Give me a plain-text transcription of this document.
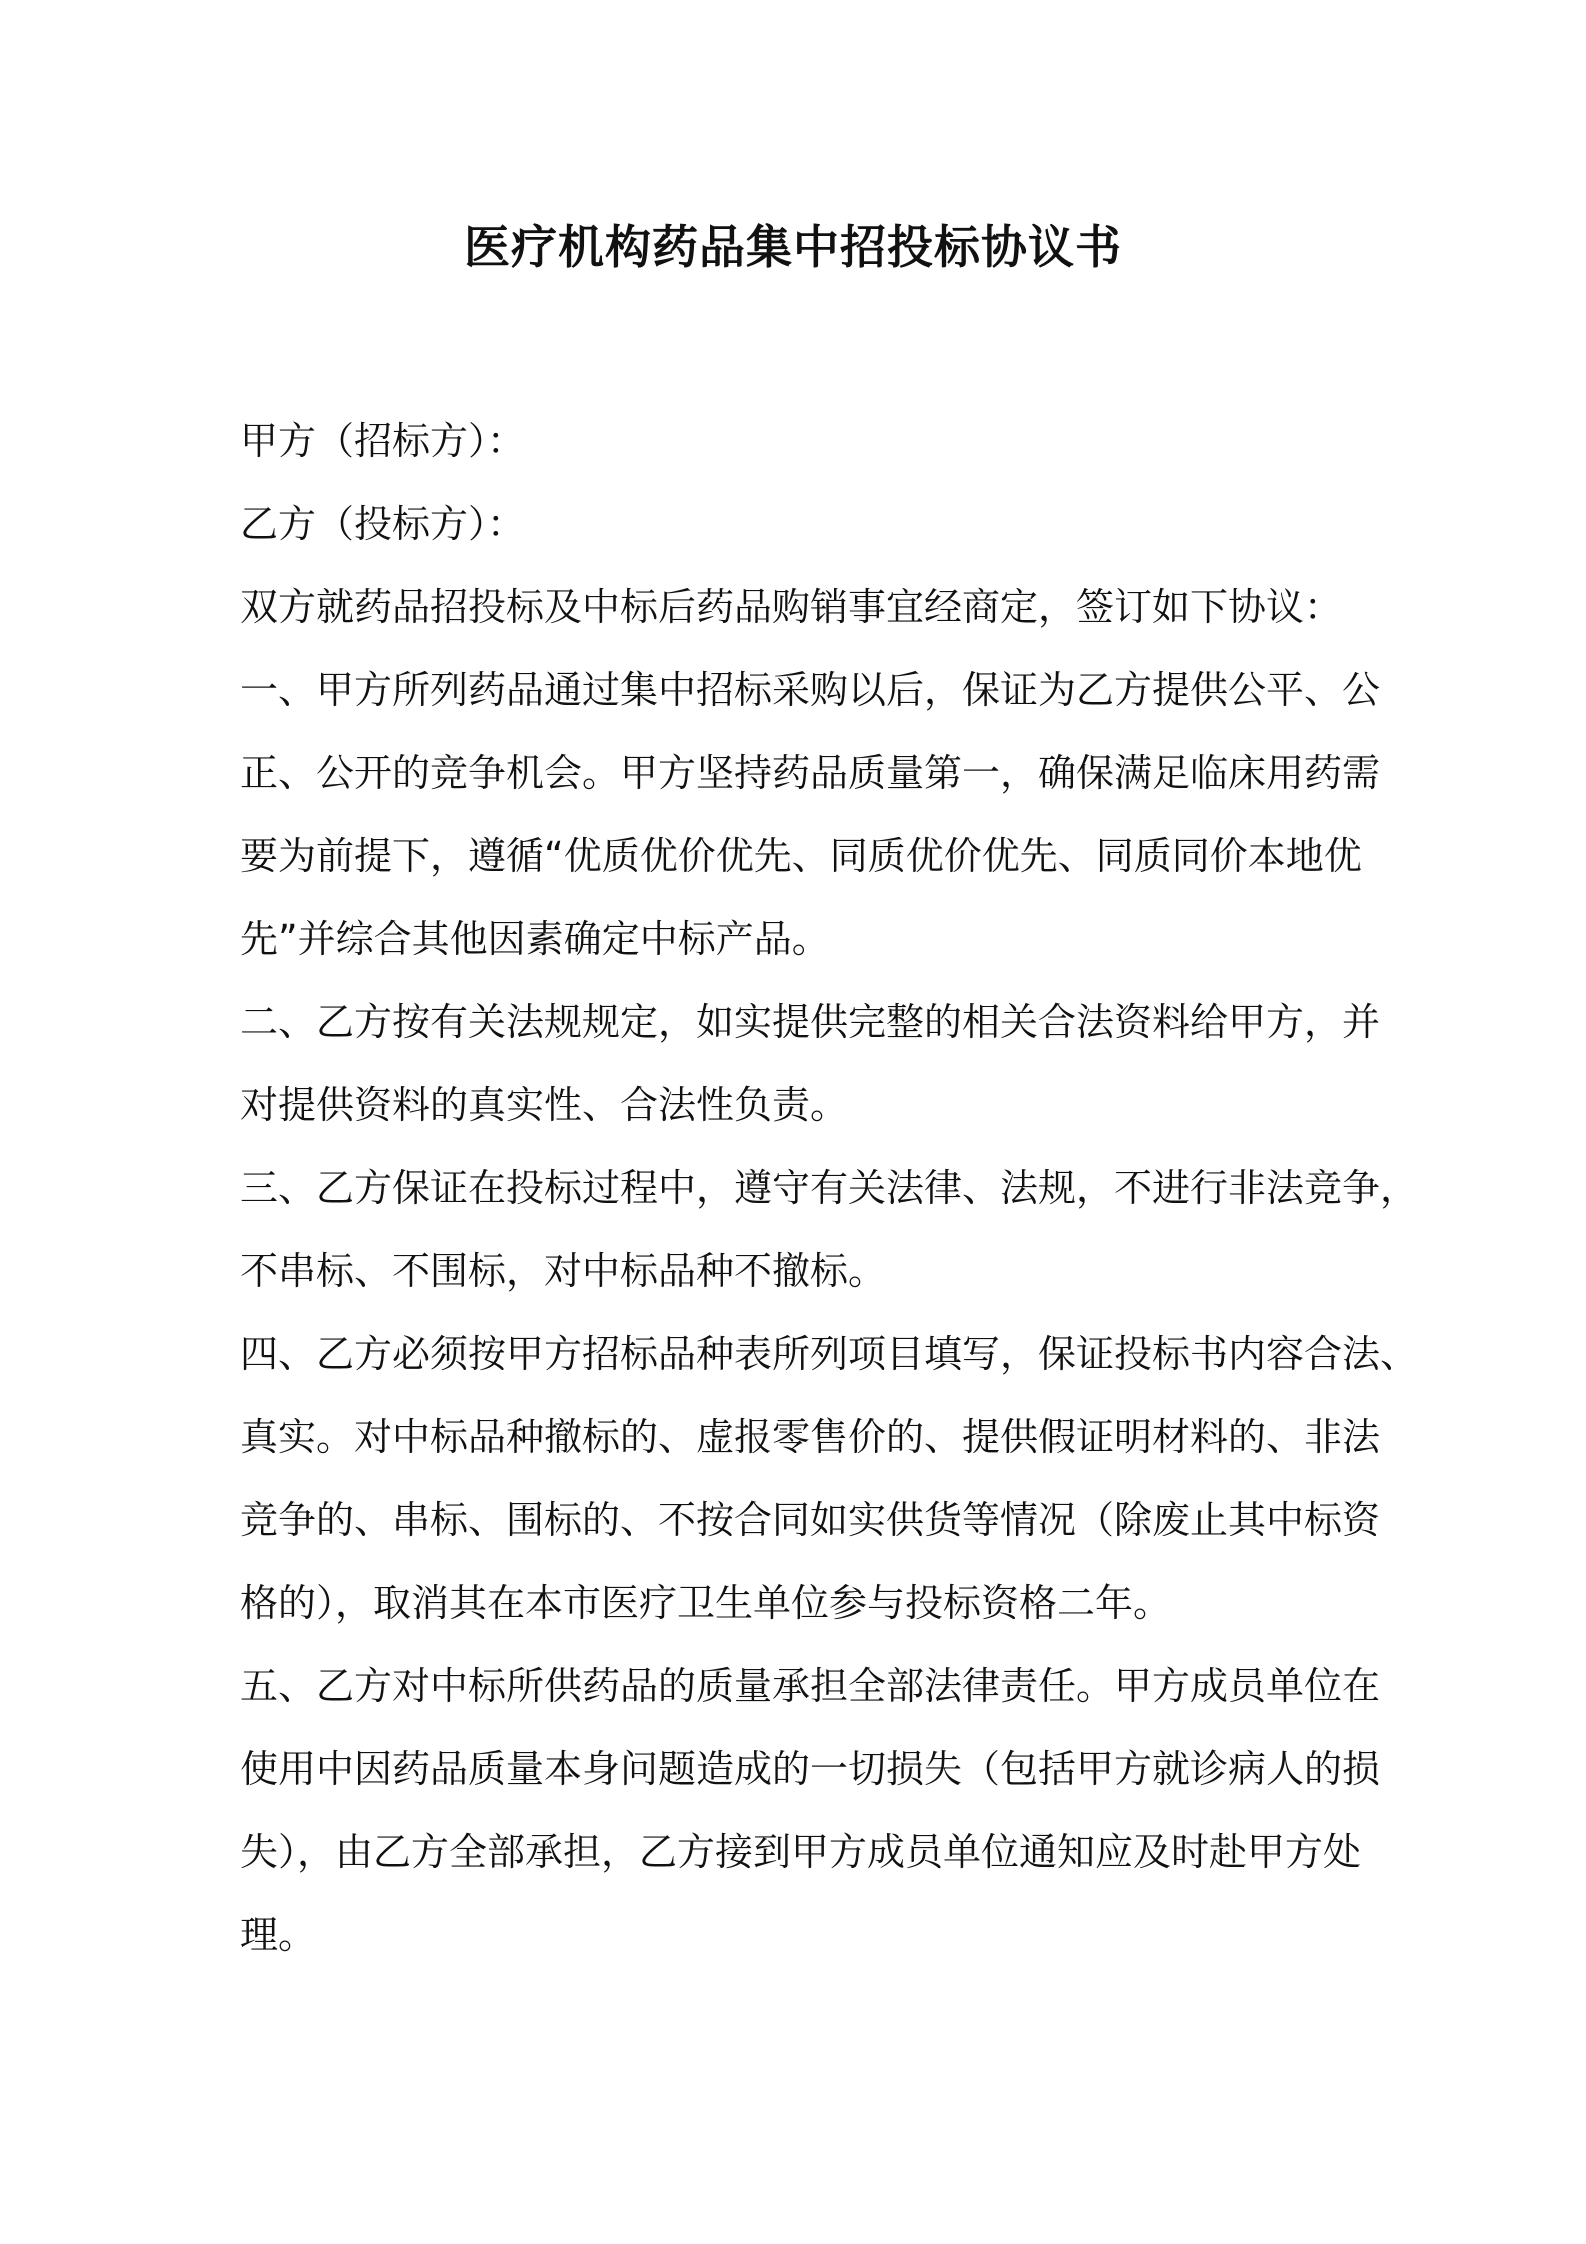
医疗机构药品集中招投标协议书
甲方（招标方）：
乙方（投标方）：
双方就药品招投标及中标后药品购销事宜经商定，签订如下协议：
一、甲方所列药品通过集中招标采购以后，保证为乙方提供公平、公
正、公开的竞争机会。甲方坚持药品质量第一，确保满足临床用药需
要为前提下，遵循“优质优价优先、同质优价优先、同质同价本地优
先”并综合其他因素确定中标产品。
二、乙方按有关法规规定，如实提供完整的相关合法资料给甲方，并
对提供资料的真实性、合法性负责。
三、乙方保证在投标过程中，遵守有关法律、法规，不进行非法竞争，
不串标、不围标，对中标品种不撤标。
四、乙方必须按甲方招标品种表所列项目填写，保证投标书内容合法、
真实。对中标品种撤标的、虚报零售价的、提供假证明材料的、非法
竞争的、串标、围标的、不按合同如实供货等情况（除废止其中标资
格的），取消其在本市医疗卫生单位参与投标资格二年。
五、乙方对中标所供药品的质量承担全部法律责任。甲方成员单位在
使用中因药品质量本身问题造成的一切损失（包括甲方就诊病人的损
失），由乙方全部承担，乙方接到甲方成员单位通知应及时赴甲方处
理。
